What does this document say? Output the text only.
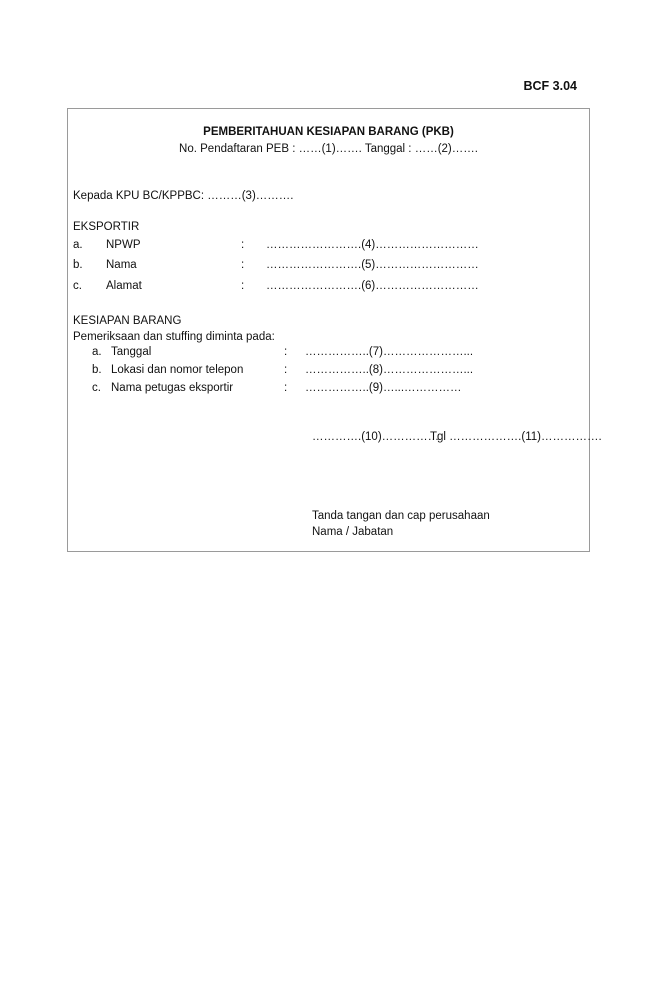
BCF 3.04
PEMBERITAHUAN KESIAPAN BARANG (PKB)
No. Pendaftaran PEB : ……(1)……. Tanggal : ……(2)…….
Kepada KPU BC/KPPBC: ………(3)……….
EKSPORTIR
a. NPWP	: …………………….(4)………………………
b. Nama	: …………………….(5)………………………
c. Alamat	: …………………….(6)………………………
KESIAPAN BARANG
Pemeriksaan dan stuffing diminta pada:
a. Tanggal	: ……………..(7)…………………...
b. Lokasi dan nomor telepon	: ……………..(8)…………………...
c. Nama petugas eksportir	: ……………..(9)…...……………
………….(10)……………
Tgl ……………….(11)…………….
Tanda tangan dan cap perusahaan
Nama / Jabatan
